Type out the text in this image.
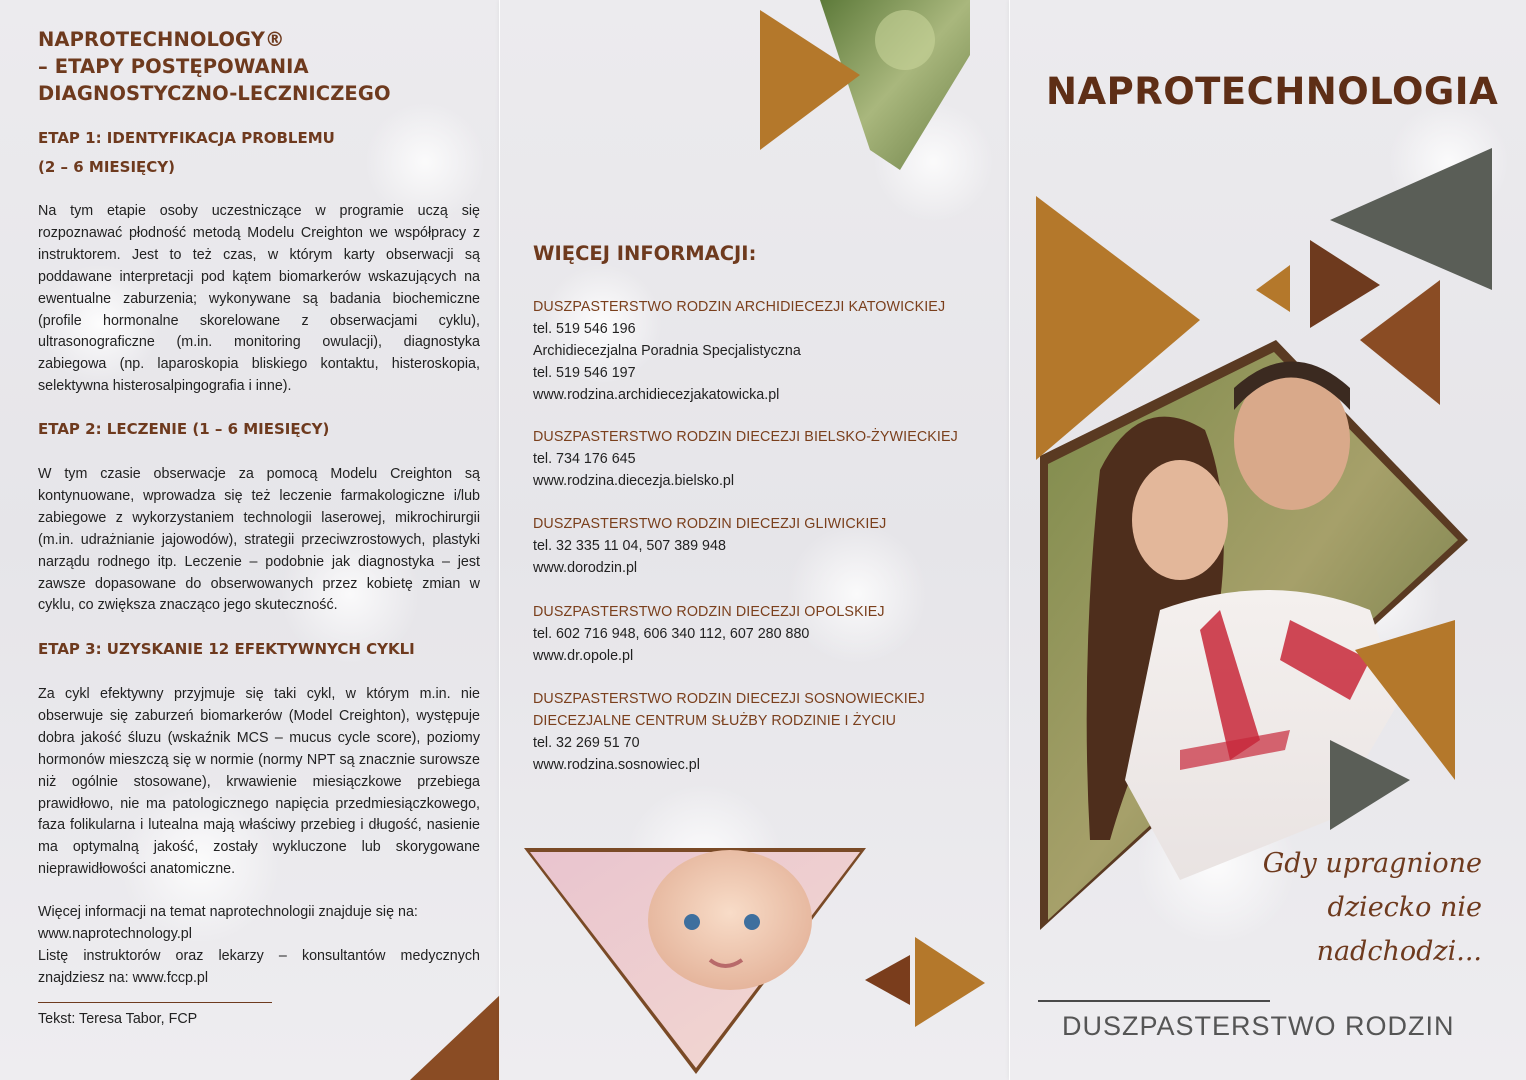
NAPROTECHNOLOGY®
– ETAPY POSTĘPOWANIA
DIAGNOSTYCZNO-LECZNICZEGO
ETAP 1: IDENTYFIKACJA PROBLEMU
(2 – 6 MIESIĘCY)
Na tym etapie osoby uczestniczące w programie uczą się rozpoznawać płodność metodą Modelu Creighton we współpracy z instruktorem. Jest to też czas, w którym karty obserwacji są poddawane interpretacji pod kątem biomarkerów wskazujących na ewentualne zaburzenia; wykonywane są badania biochemiczne (profile hormonalne skorelowane z obserwacjami cyklu), ultrasonograficzne (m.in. monitoring owulacji), diagnostyka zabiegowa (np. laparoskopia bliskiego kontaktu, histeroskopia, selektywna histerosalpingografia i inne).
ETAP 2: LECZENIE (1 – 6 MIESIĘCY)
W tym czasie obserwacje za pomocą Modelu Creighton są kontynuowane, wprowadza się też leczenie farmakologiczne i/lub zabiegowe z wykorzystaniem technologii laserowej, mikrochirurgii (m.in. udrażnianie jajowodów), strategii przeciwzrostowych, plastyki narządu rodnego itp. Leczenie – podobnie jak diagnostyka – jest zawsze dopasowane do obserwowanych przez kobietę zmian w cyklu, co zwiększa znacząco jego skuteczność.
ETAP 3: UZYSKANIE 12 EFEKTYWNYCH CYKLI
Za cykl efektywny przyjmuje się taki cykl, w którym m.in. nie obserwuje się zaburzeń biomarkerów (Model Creighton), występuje dobra jakość śluzu (wskaźnik MCS – mucus cycle score), poziomy hormonów mieszczą się w normie (normy NPT są znacznie surowsze niż ogólnie stosowane), krwawienie miesiączkowe przebiega prawidłowo, nie ma patologicznego napięcia przedmiesiączkowego, faza folikularna i lutealna mają właściwy przebieg i długość, nasienie ma optymalną jakość, zostały wykluczone lub skorygowane nieprawidłowości anatomiczne.
Więcej informacji na temat naprotechnologii znajduje się na:
www.naprotechnology.pl
Listę instruktorów oraz lekarzy – konsultantów medycznych znajdziesz na: www.fccp.pl
Tekst: Teresa Tabor, FCP
WIĘCEJ INFORMACJI:
DUSZPASTERSTWO RODZIN ARCHIDIECEZJI KATOWICKIEJ
tel. 519 546 196
Archidiecezjalna Poradnia Specjalistyczna
tel. 519 546 197
www.rodzina.archidiecezjakatowicka.pl
DUSZPASTERSTWO RODZIN DIECEZJI BIELSKO-ŻYWIECKIEJ
tel. 734 176 645
www.rodzina.diecezja.bielsko.pl
DUSZPASTERSTWO RODZIN DIECEZJI GLIWICKIEJ
tel. 32 335 11 04, 507 389 948
www.dorodzin.pl
DUSZPASTERSTWO RODZIN DIECEZJI OPOLSKIEJ
tel. 602 716 948, 606 340 112, 607 280 880
www.dr.opole.pl
DUSZPASTERSTWO RODZIN DIECEZJI SOSNOWIECKIEJ
DIECEZJALNE CENTRUM SŁUŻBY RODZINIE I ŻYCIU
tel. 32 269 51 70
www.rodzina.sosnowiec.pl
NAPROTECHNOLOGIA
Gdy upragnione
dziecko nie
nadchodzi...
DUSZPASTERSTWO RODZIN
